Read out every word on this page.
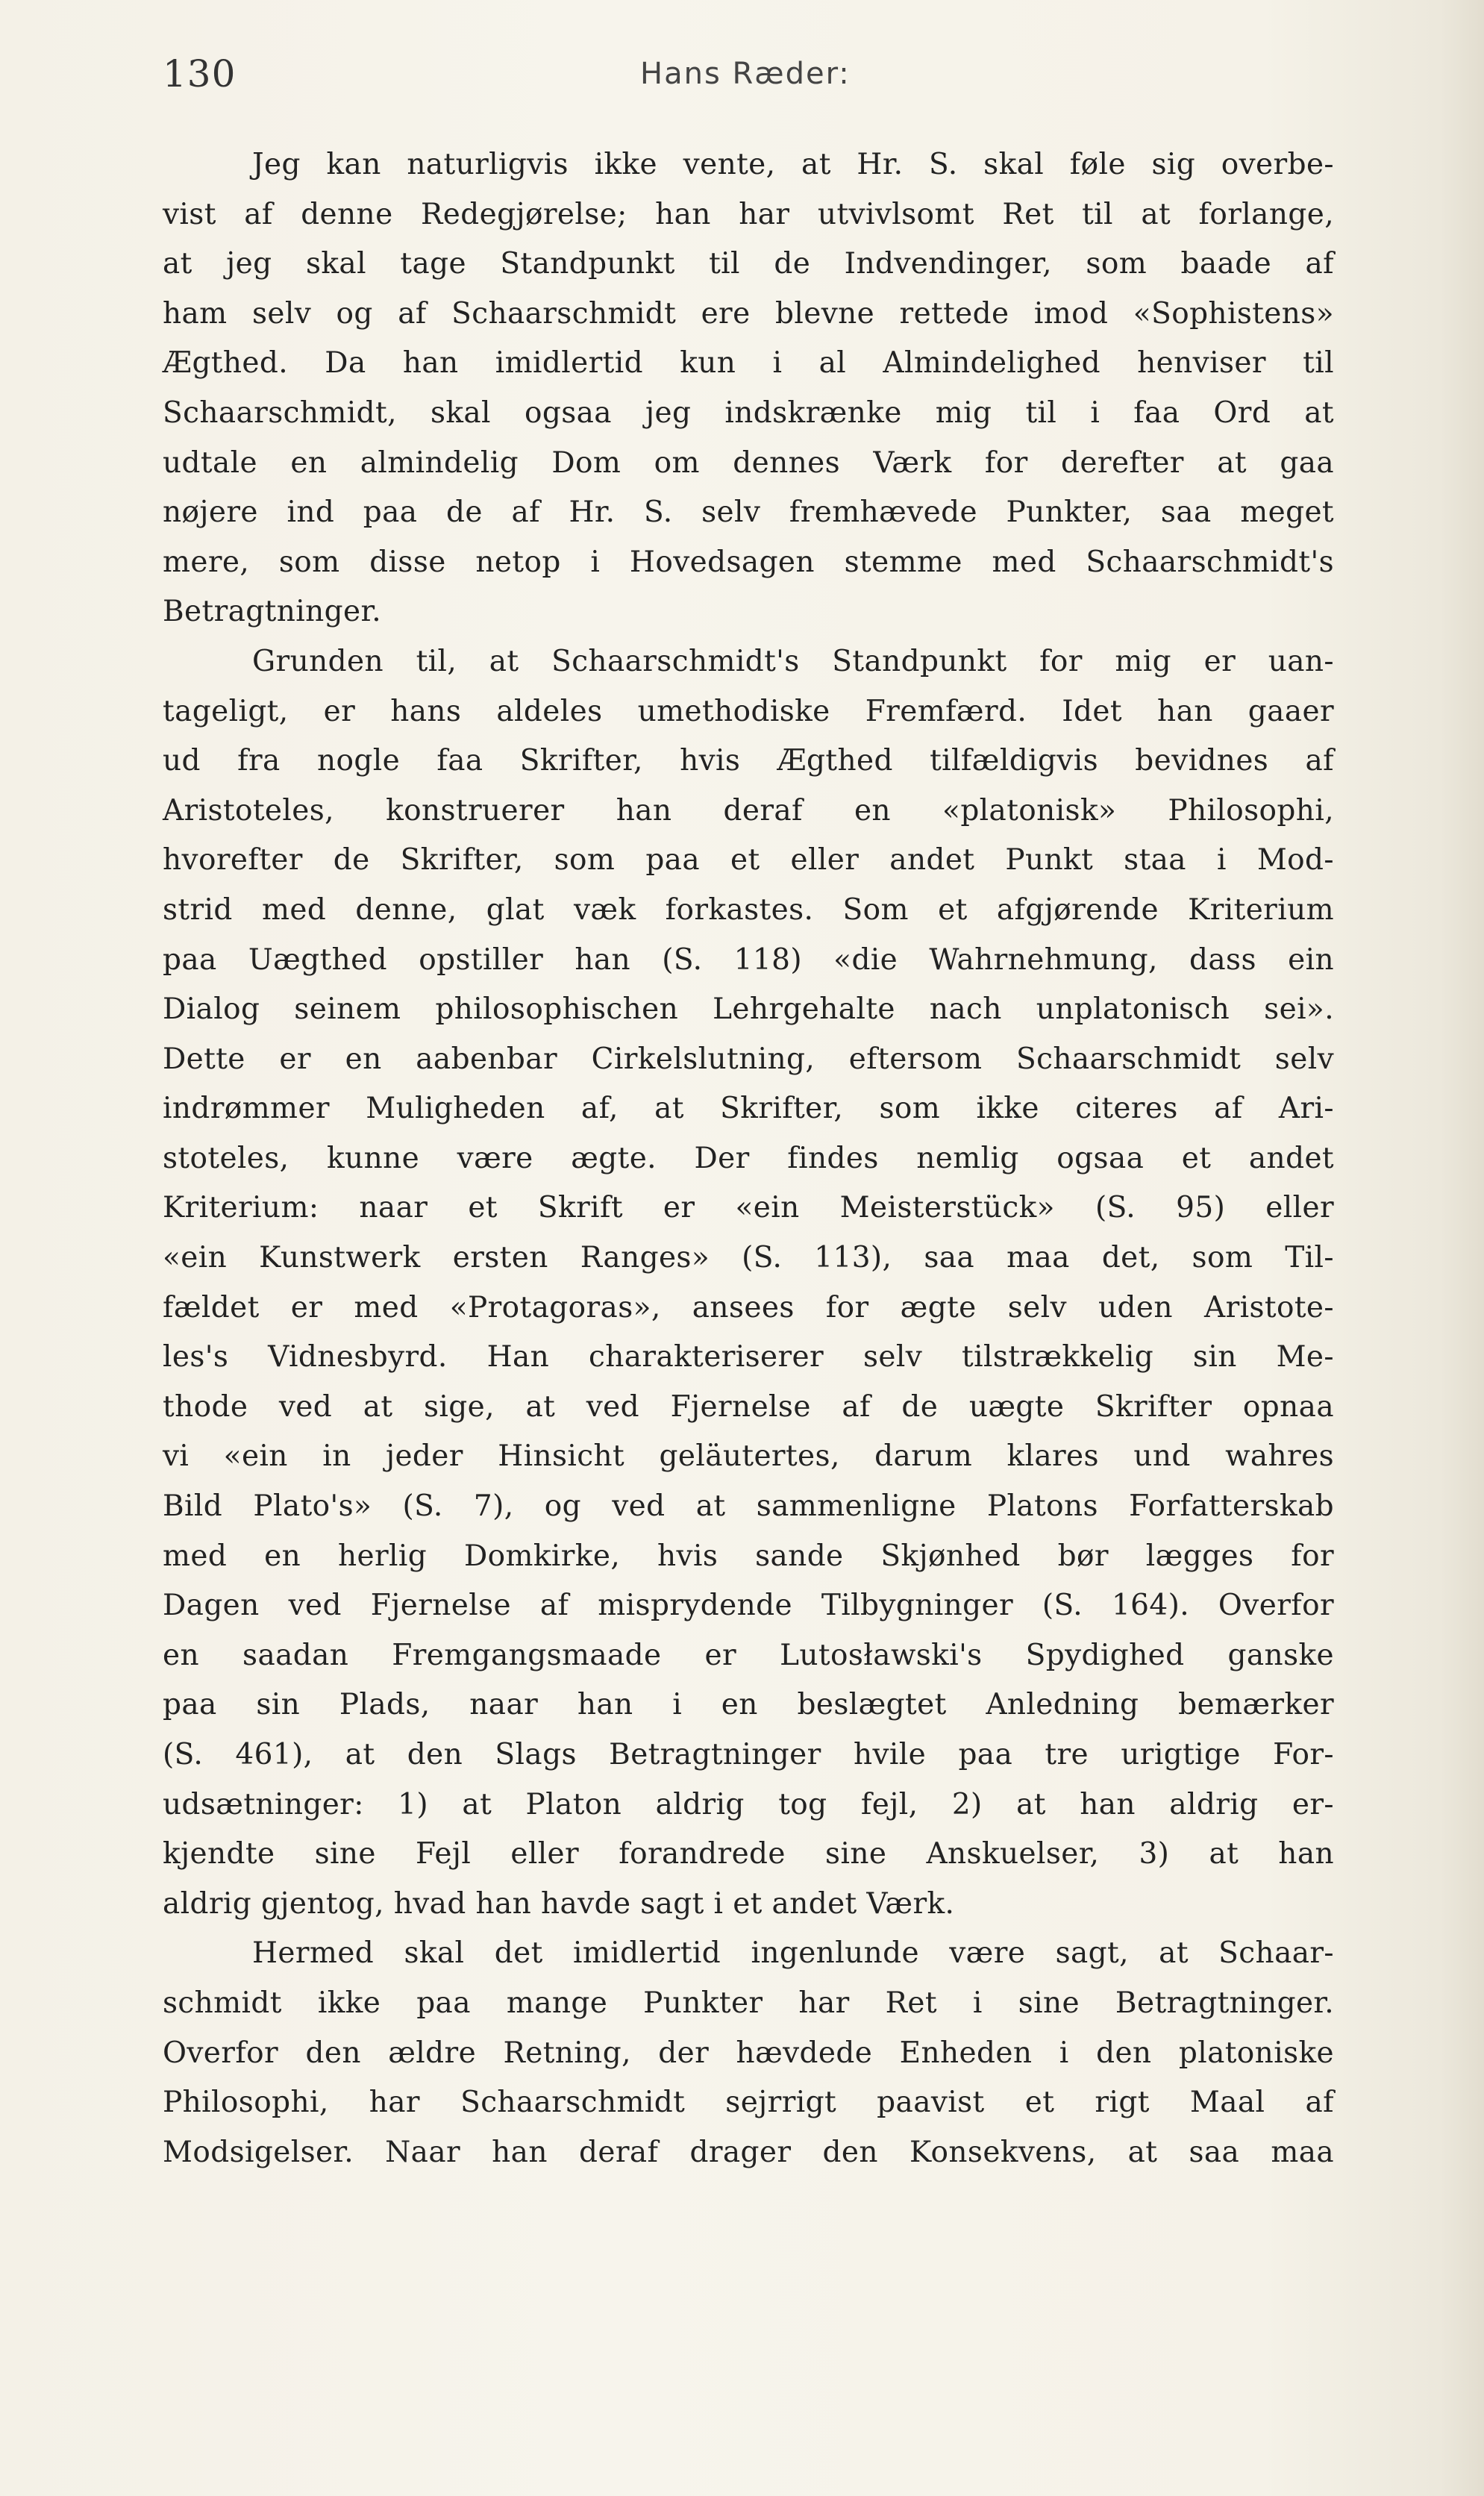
130	Hans Ræder:
Jeg kan naturligvis ikke vente, at Hr. S. skal føle sig overbe-
vist af denne Redegjørelse; han har utvivlsomt Ret til at forlange,
at jeg skal tage Standpunkt til de Indvendinger, som baade af
ham selv og af Schaarschmidt ere blevne rettede imod «Sophistens»
Ægthed. Da han imidlertid kun i al Almindelighed henviser til
Schaarschmidt, skal ogsaa jeg indskrænke mig til i faa Ord at
udtale en almindelig Dom om dennes Værk for derefter at gaa
nøjere ind paa de af Hr. S. selv fremhævede Punkter, saa meget
mere, som disse netop i Hovedsagen stemme med Schaarschmidt's
Betragtninger.
Grunden til, at Schaarschmidt's Standpunkt for mig er uan-
tageligt, er hans aldeles umethodiske Fremfærd. Idet han gaaer
ud fra nogle faa Skrifter, hvis Ægthed tilfældigvis bevidnes af
Aristoteles, konstruerer han deraf en «platonisk» Philosophi,
hvorefter de Skrifter, som paa et eller andet Punkt staa i Mod-
strid med denne, glat væk forkastes. Som et afgjørende Kriterium
paa Uægthed opstiller han (S. 118) «die Wahrnehmung, dass ein
Dialog seinem philosophischen Lehrgehalte nach unplatonisch sei».
Dette er en aabenbar Cirkelslutning, eftersom Schaarschmidt selv
indrømmer Muligheden af, at Skrifter, som ikke citeres af Ari-
stoteles, kunne være ægte. Der findes nemlig ogsaa et andet
Kriterium: naar et Skrift er «ein Meisterstück» (S. 95) eller
«ein Kunstwerk ersten Ranges» (S. 113), saa maa det, som Til-
fældet er med «Protagoras», ansees for ægte selv uden Aristote-
les's Vidnesbyrd. Han charakteriserer selv tilstrækkelig sin Me-
thode ved at sige, at ved Fjernelse af de uægte Skrifter opnaa
vi «ein in jeder Hinsicht geläutertes, darum klares und wahres
Bild Plato's» (S. 7), og ved at sammenligne Platons Forfatterskab
med en herlig Domkirke, hvis sande Skjønhed bør lægges for
Dagen ved Fjernelse af misprydende Tilbygninger (S. 164). Overfor
en saadan Fremgangsmaade er Lutosławski's Spydighed ganske
paa sin Plads, naar han i en beslægtet Anledning bemærker
(S. 461), at den Slags Betragtninger hvile paa tre urigtige For-
udsætninger: 1) at Platon aldrig tog fejl, 2) at han aldrig er-
kjendte sine Fejl eller forandrede sine Anskuelser, 3) at han
aldrig gjentog, hvad han havde sagt i et andet Værk.
Hermed skal det imidlertid ingenlunde være sagt, at Schaar-
schmidt ikke paa mange Punkter har Ret i sine Betragtninger.
Overfor den ældre Retning, der hævdede Enheden i den platoniske
Philosophi, har Schaarschmidt sejrrigt paavist et rigt Maal af
Modsigelser. Naar han deraf drager den Konsekvens, at saa maa
